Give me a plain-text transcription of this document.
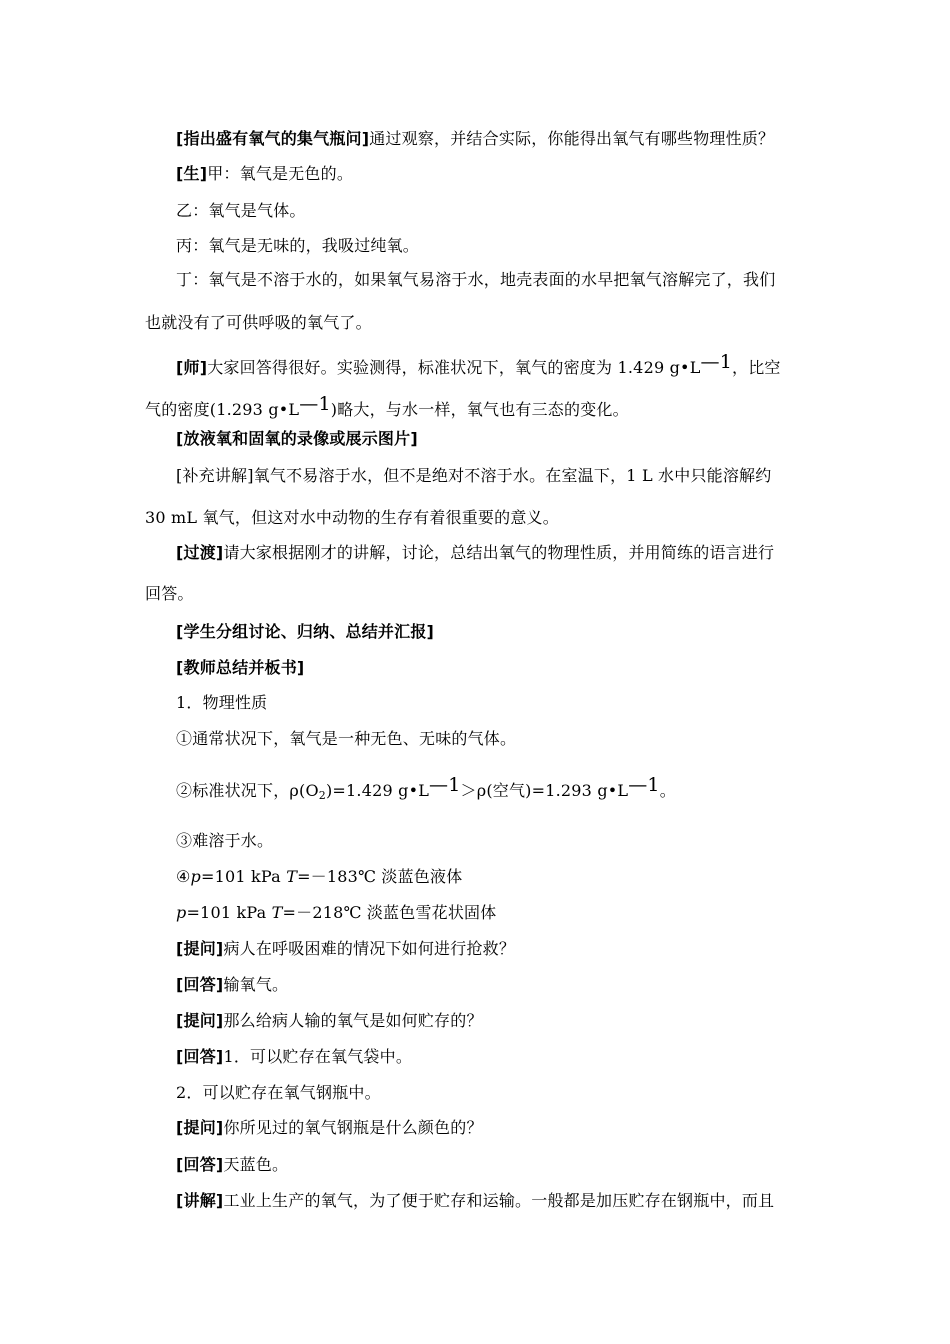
[指出盛有氧气的集气瓶问]通过观察，并结合实际，你能得出氧气有哪些物理性质？
[生]甲：氧气是无色的。
乙：氧气是气体。
丙：氧气是无味的，我吸过纯氧。
丁：氧气是不溶于水的，如果氧气易溶于水，地壳表面的水早把氧气溶解完了，我们
也就没有了可供呼吸的氧气了。
[师]大家回答得很好。实验测得，标准状况下，氧气的密度为 1.429 g•L—1，比空
气的密度(1.293 g•L—1)略大，与水一样，氧气也有三态的变化。
[放液氧和固氧的录像或展示图片]
[补充讲解]氧气不易溶于水，但不是绝对不溶于水。在室温下，1 L 水中只能溶解约
30 mL 氧气，但这对水中动物的生存有着很重要的意义。
[过渡]请大家根据刚才的讲解，讨论，总结出氧气的物理性质，并用简练的语言进行
回答。
[学生分组讨论、归纳、总结并汇报]
[教师总结并板书]
1．物理性质
①通常状况下，氧气是一种无色、无味的气体。
②标准状况下，$\rho(O_2)=1.429$ g•L—1＞ρ(空气)=1.293 g•L—1。
③难溶于水。
④p=101 kPa T=－183℃ 淡蓝色液体
p=101 kPa T=－218℃ 淡蓝色雪花状固体
[提问]病人在呼吸困难的情况下如何进行抢救？
[回答]输氧气。
[提问]那么给病人输的氧气是如何贮存的？
[回答]1．可以贮存在氧气袋中。
2．可以贮存在氧气钢瓶中。
[提问]你所见过的氧气钢瓶是什么颜色的？
[回答]天蓝色。
[讲解]工业上生产的氧气，为了便于贮存和运输。一般都是加压贮存在钢瓶中，而且
